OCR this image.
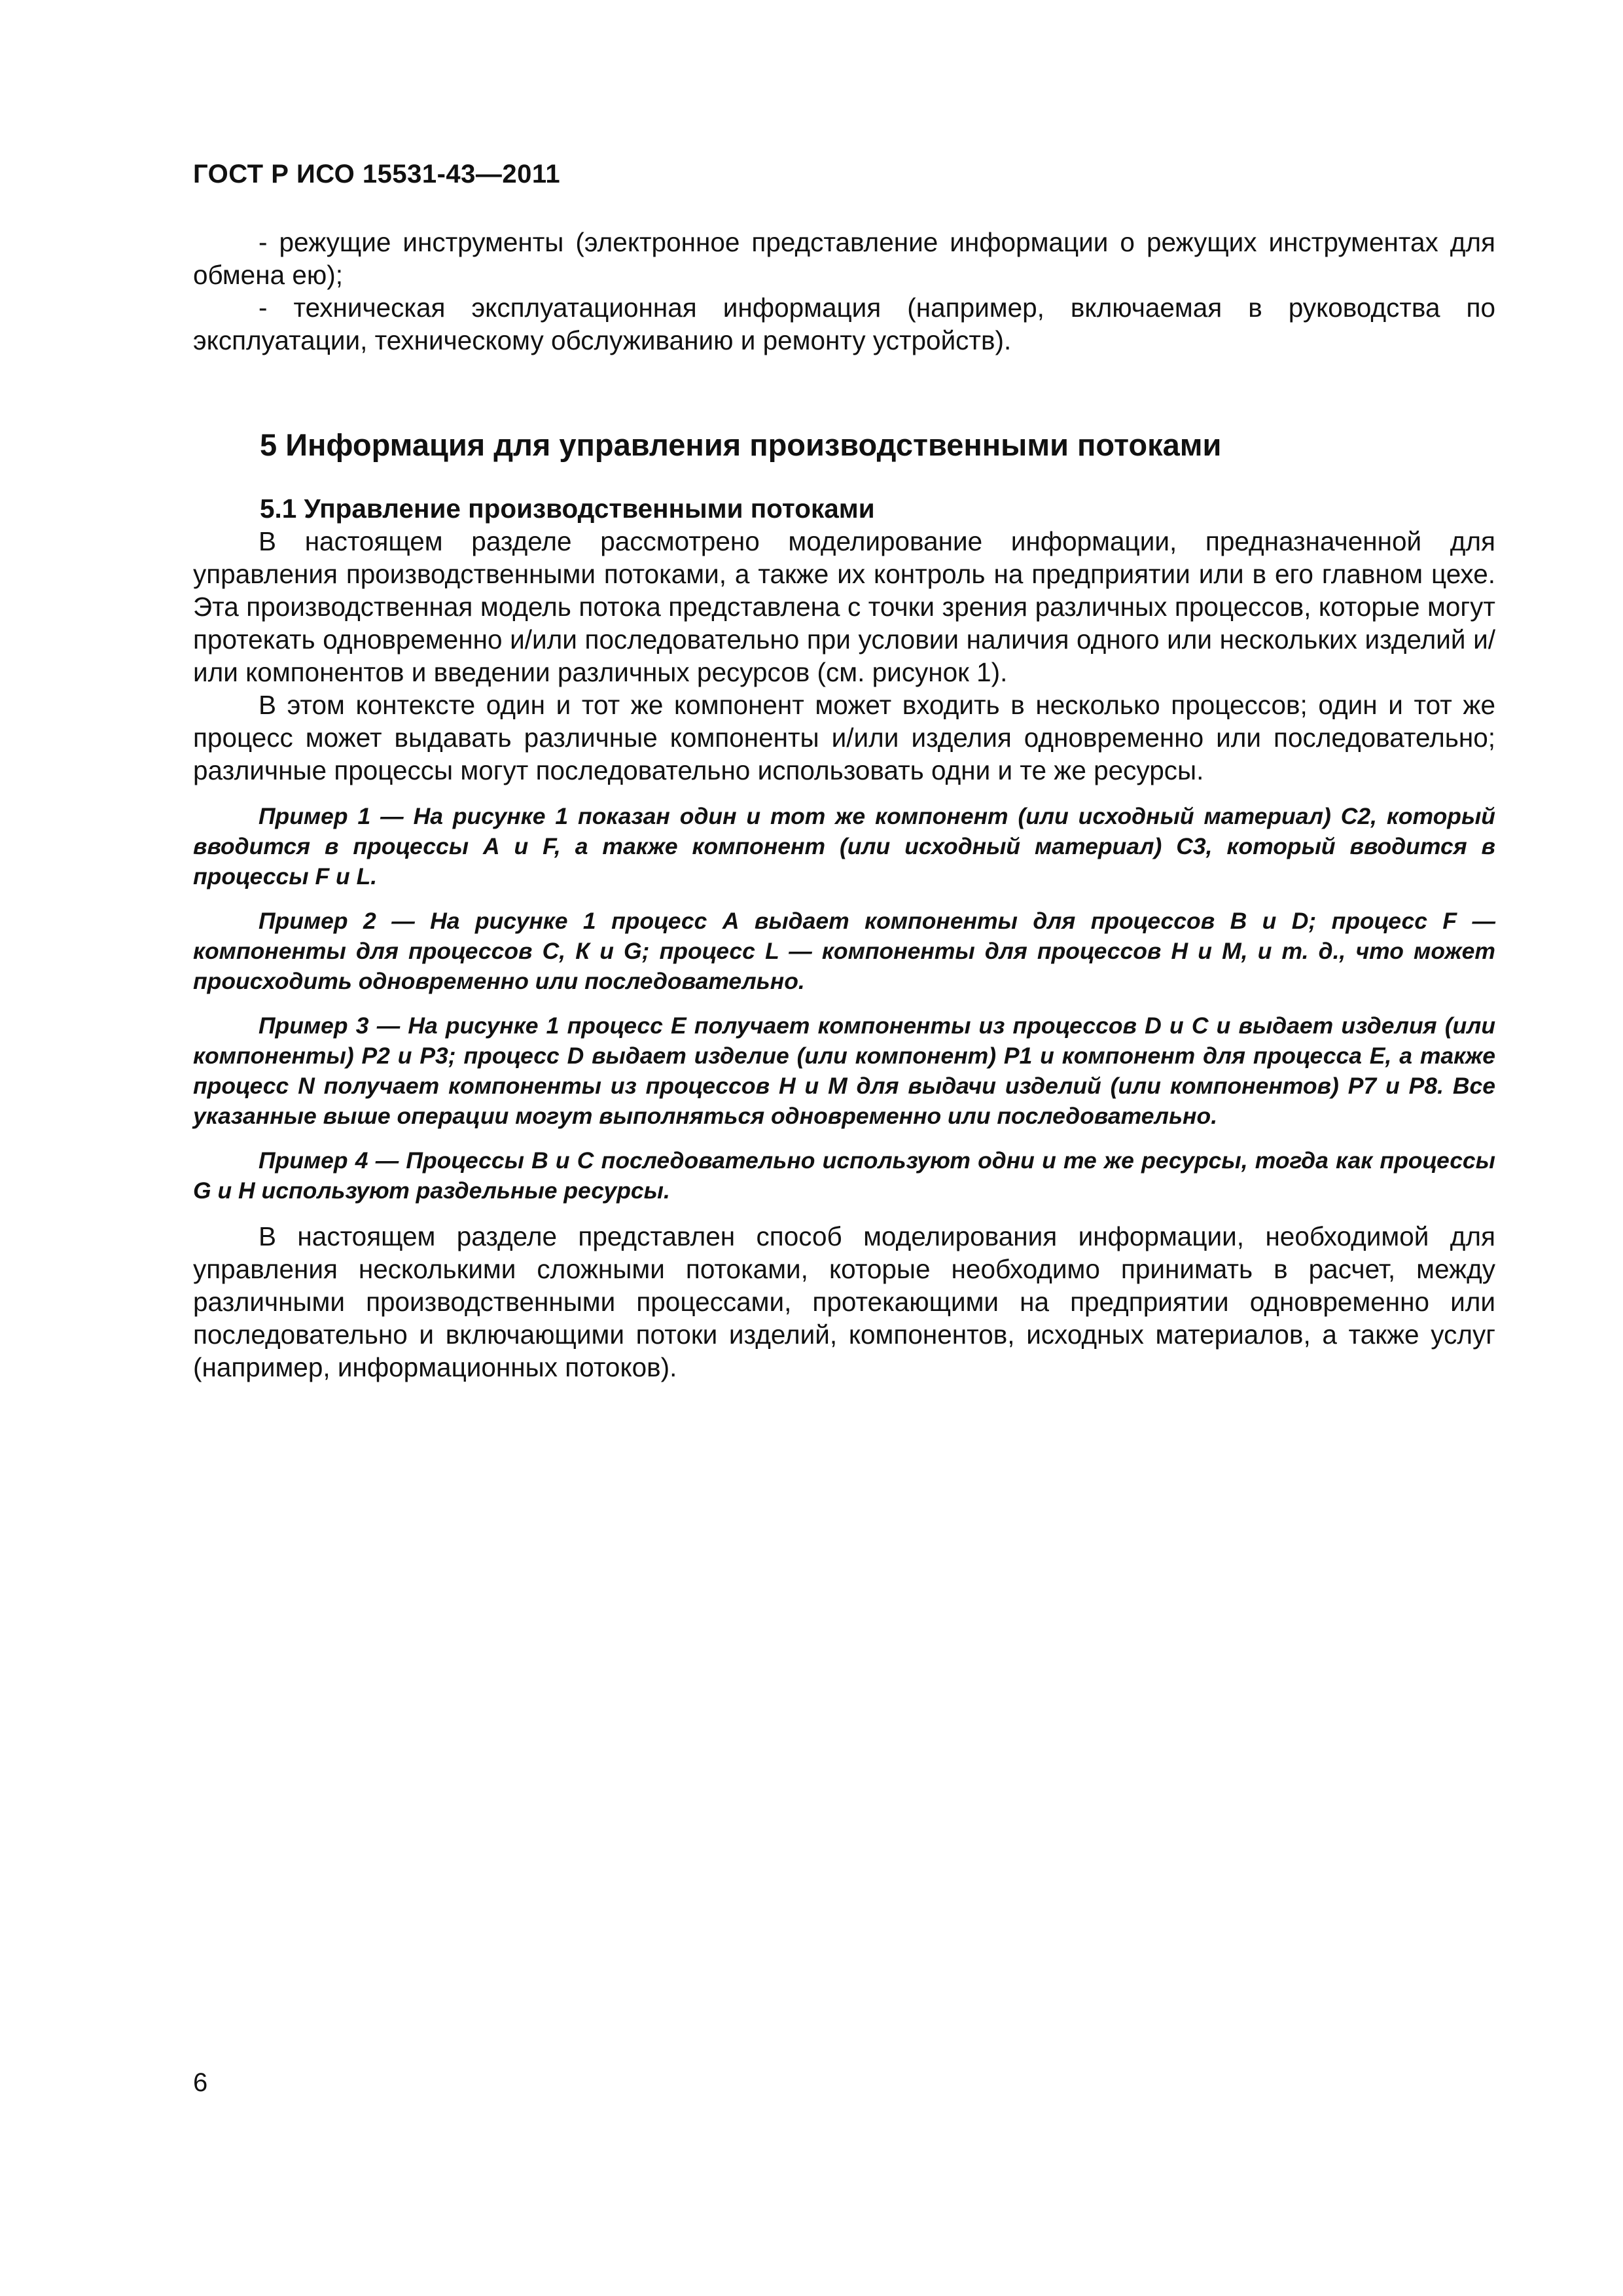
ГОСТ Р ИСО 15531-43—2011

- режущие инструменты (электронное представление информации о режущих инструментах для обмена ею);

- техническая эксплуатационная информация (например, включаемая в руководства по эксплуатации, техническому обслуживанию и ремонту устройств).

5 Информация для управления производственными потоками
5.1 Управление производственными потоками

В настоящем разделе рассмотрено моделирование информации, предназначенной для управления производственными потоками, а также их контроль на предприятии или в его главном цехе. Эта производственная модель потока представлена с точки зрения различных процессов, которые могут протекать одновременно и/или последовательно при условии наличия одного или нескольких изделий и/или компонентов и введении различных ресурсов (см. рисунок 1).

В этом контексте один и тот же компонент может входить в несколько процессов; один и тот же процесс может выдавать различные компоненты и/или изделия одновременно или последовательно; различные процессы могут последовательно использовать одни и те же ресурсы.

Пример 1 — На рисунке 1 показан один и тот же компонент (или исходный материал) С2, который вводится в процессы А и F, а также компонент (или исходный материал) С3, который вводится в процессы F и L.

Пример 2 — На рисунке 1 процесс А выдает компоненты для процессов В и D; процесс F — компоненты для процессов С, К и G; процесс L — компоненты для процессов Н и М, и т. д., что может происходить одновременно или последовательно.

Пример 3 — На рисунке 1 процесс Е получает компоненты из процессов D и С и выдает изделия (или компоненты) Р2 и Р3; процесс D выдает изделие (или компонент) Р1 и компонент для процесса Е, а также процесс N получает компоненты из процессов Н и М для выдачи изделий (или компонентов) Р7 и Р8. Все указанные выше операции могут выполняться одновременно или последовательно.

Пример 4 — Процессы В и С последовательно используют одни и те же ресурсы, тогда как процессы G и Н используют раздельные ресурсы.

В настоящем разделе представлен способ моделирования информации, необходимой для управления несколькими сложными потоками, которые необходимо принимать в расчет, между различными производственными процессами, протекающими на предприятии одновременно или последовательно и включающими потоки изделий, компонентов, исходных материалов, а также услуг (например, информационных потоков).

6
